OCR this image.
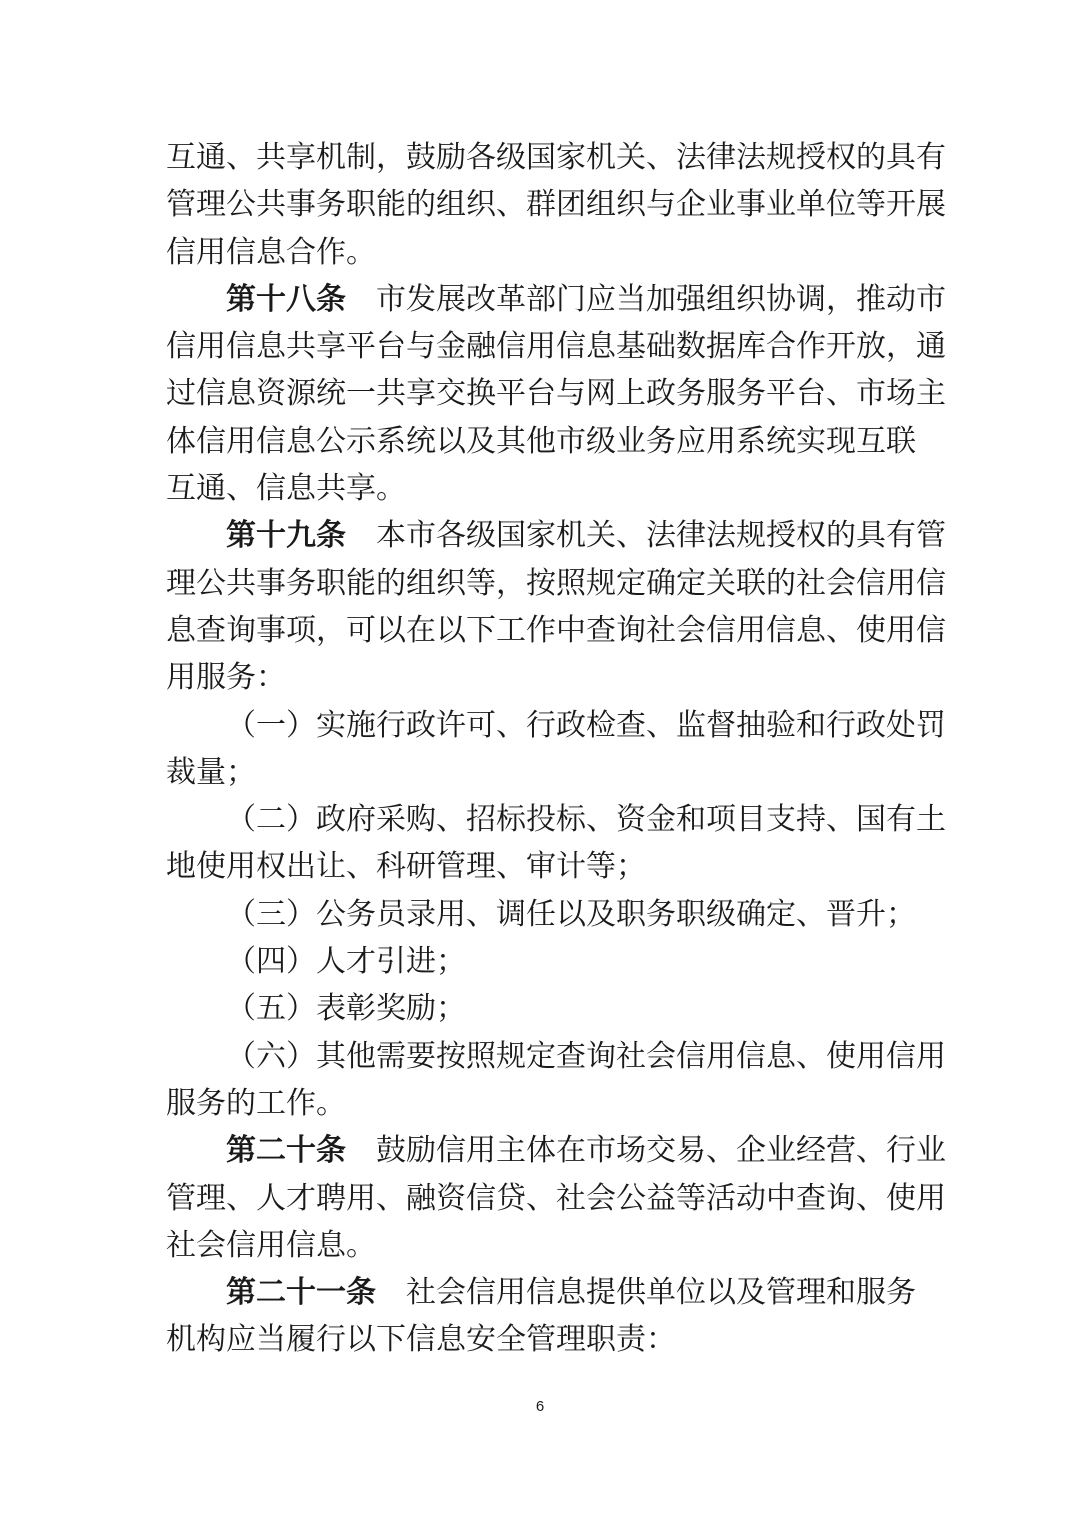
互通、共享机制，鼓励各级国家机关、法律法规授权的具有
管理公共事务职能的组织、群团组织与企业事业单位等开展
信用信息合作。
第十八条 市发展改革部门应当加强组织协调，推动市
信用信息共享平台与金融信用信息基础数据库合作开放，通
过信息资源统一共享交换平台与网上政务服务平台、市场主
体信用信息公示系统以及其他市级业务应用系统实现互联
互通、信息共享。
第十九条 本市各级国家机关、法律法规授权的具有管
理公共事务职能的组织等，按照规定确定关联的社会信用信
息查询事项，可以在以下工作中查询社会信用信息、使用信
用服务：
（一）实施行政许可、行政检查、监督抽验和行政处罚
裁量；
（二）政府采购、招标投标、资金和项目支持、国有土
地使用权出让、科研管理、审计等；
（三）公务员录用、调任以及职务职级确定、晋升；
（四）人才引进；
（五）表彰奖励；
（六）其他需要按照规定查询社会信用信息、使用信用
服务的工作。
第二十条 鼓励信用主体在市场交易、企业经营、行业
管理、人才聘用、融资信贷、社会公益等活动中查询、使用
社会信用信息。
第二十一条 社会信用信息提供单位以及管理和服务
机构应当履行以下信息安全管理职责：
6
